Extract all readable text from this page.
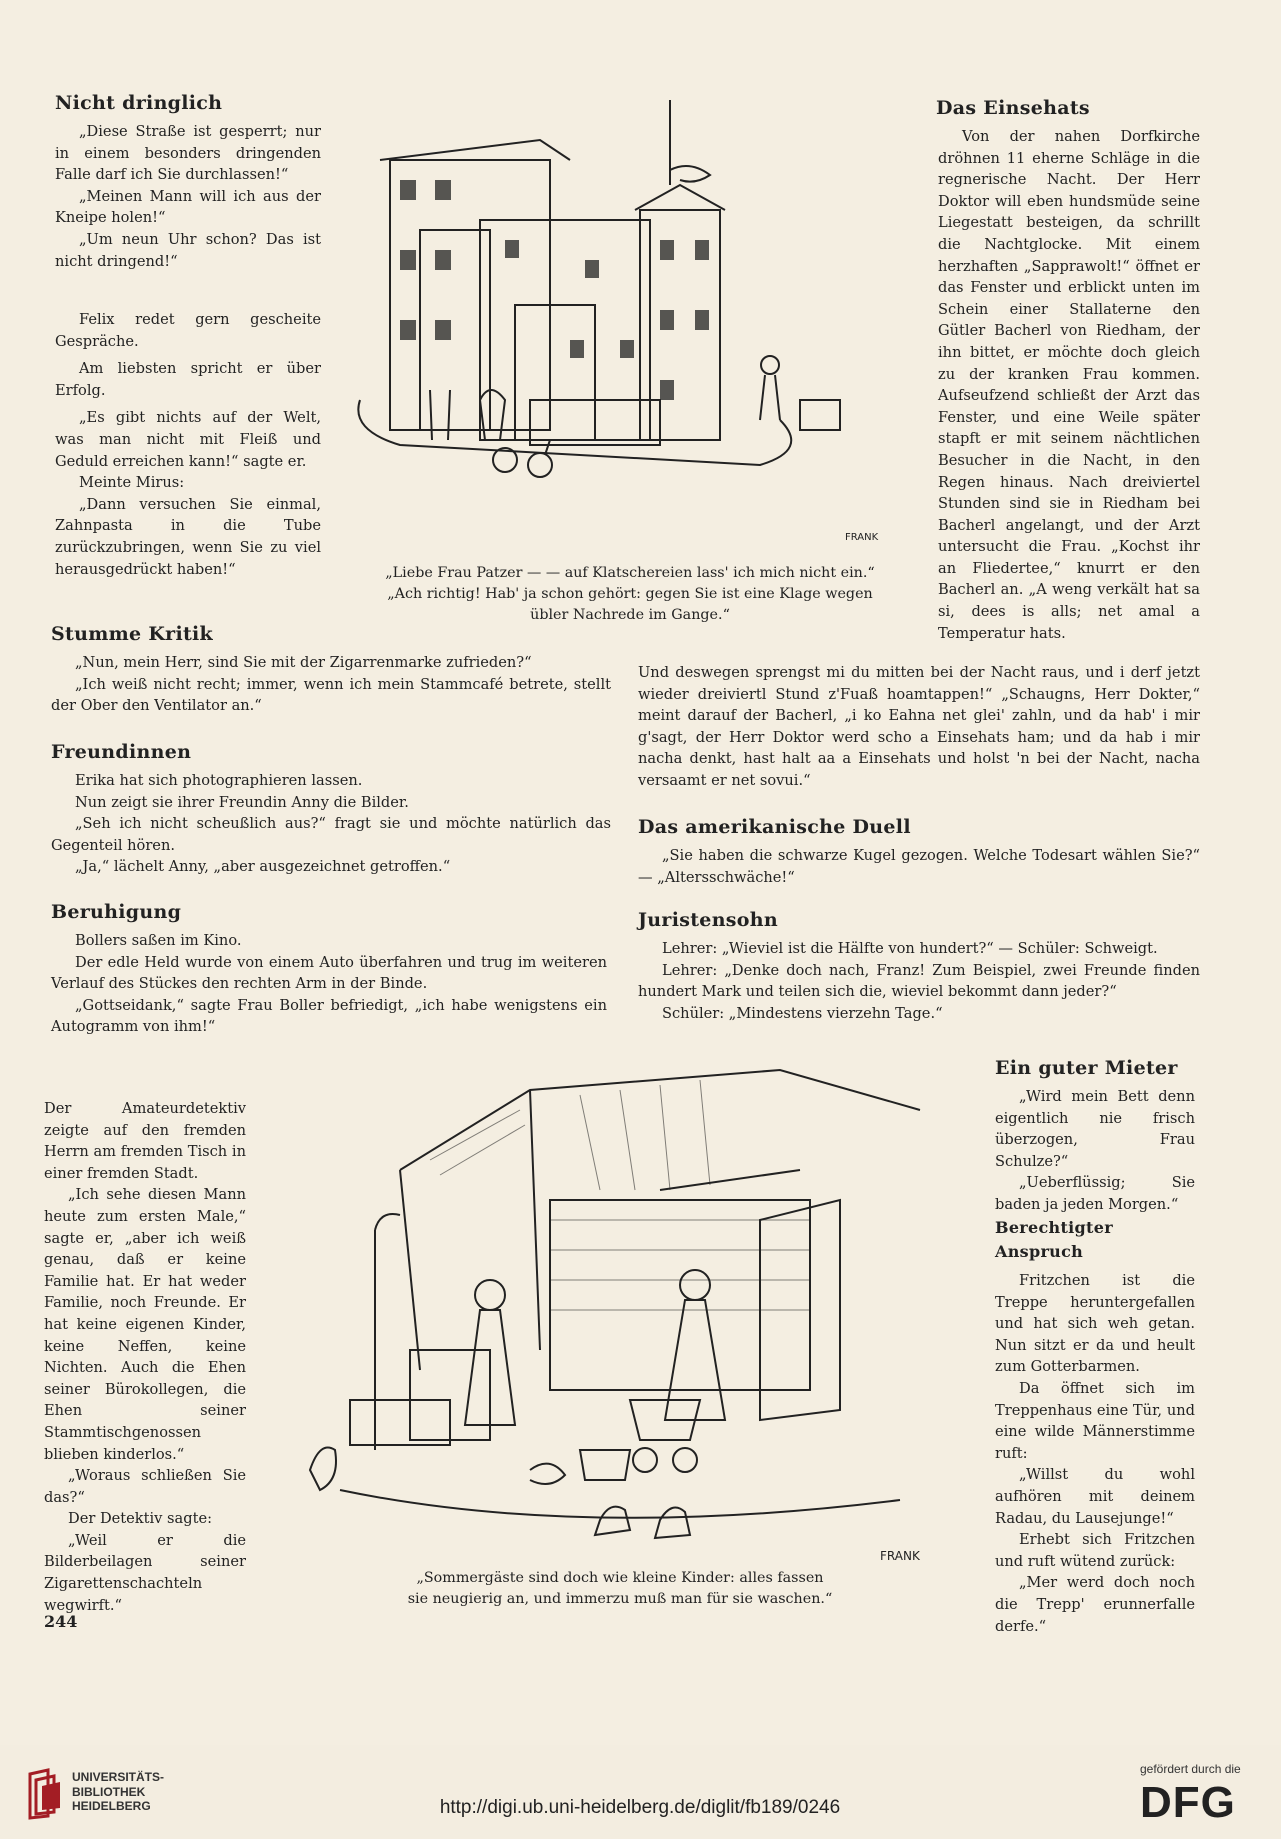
Nicht dringlich

„Diese Straße ist gesperrt; nur in einem besonders dringenden Falle darf ich Sie durchlassen!“

„Meinen Mann will ich aus der Kneipe holen!“

„Um neun Uhr schon? Das ist nicht dringend!“

Felix redet gern gescheite Gespräche.

Am liebsten spricht er über Erfolg.

„Es gibt nichts auf der Welt, was man nicht mit Fleiß und Geduld erreichen kann!“ sagte er.

Meinte Mirus:

„Dann versuchen Sie einmal, Zahnpasta in die Tube zurückzubringen, wenn Sie zu viel herausgedrückt haben!“

FRANK
„Liebe Frau Patzer — — auf Klatschereien lass' ich mich nicht ein.“
„Ach richtig! Hab' ja schon gehört: gegen Sie ist eine Klage wegen
übler Nachrede im Gange.“
Das Einsehats

Von der nahen Dorfkirche dröhnen 11 eherne Schläge in die regnerische Nacht. Der Herr Doktor will eben hundsmüde seine Liegestatt besteigen, da schrillt die Nachtglocke. Mit einem herzhaften „Sapprawolt!“ öffnet er das Fenster und erblickt unten im Schein einer Stallaterne den Gütler Bacherl von Riedham, der ihn bittet, er möchte doch gleich zu der kranken Frau kommen. Aufseufzend schließt der Arzt das Fenster, und eine Weile später stapft er mit seinem nächtlichen Besucher in die Nacht, in den Regen hinaus. Nach dreiviertel Stunden sind sie in Riedham bei Bacherl angelangt, und der Arzt untersucht die Frau. „Kochst ihr an Fliedertee,“ knurrt er den Bacherl an. „A weng verkält hat sa si, dees is alls; net amal a Temperatur hats.

Und deswegen sprengst mi du mitten bei der Nacht raus, und i derf jetzt wieder dreiviertl Stund z'Fuaß hoamtappen!“ „Schaugns, Herr Dokter,“ meint darauf der Bacherl, „i ko Eahna net glei' zahln, und da hab' i mir g'sagt, der Herr Doktor werd scho a Einsehats ham; und da hab i mir nacha denkt, hast halt aa a Einsehats und holst 'n bei der Nacht, nacha versaamt er net sovui.“

Stumme Kritik

„Nun, mein Herr, sind Sie mit der Zigarrenmarke zufrieden?“

„Ich weiß nicht recht; immer, wenn ich mein Stammcafé betrete, stellt der Ober den Ventilator an.“

Freundinnen

Erika hat sich photographieren lassen.

Nun zeigt sie ihrer Freundin Anny die Bilder.

„Seh ich nicht scheußlich aus?“ fragt sie und möchte natürlich das Gegenteil hören.

„Ja,“ lächelt Anny, „aber ausgezeichnet getroffen.“

Das amerikanische Duell

„Sie haben die schwarze Kugel gezogen. Welche Todesart wählen Sie?“ — „Altersschwäche!“

Beruhigung

Bollers saßen im Kino.

Der edle Held wurde von einem Auto überfahren und trug im weiteren Verlauf des Stückes den rechten Arm in der Binde.

„Gottseidank,“ sagte Frau Boller befriedigt, „ich habe wenigstens ein Autogramm von ihm!“

Juristensohn

Lehrer: „Wieviel ist die Hälfte von hundert?“ — Schüler: Schweigt.

Lehrer: „Denke doch nach, Franz! Zum Beispiel, zwei Freunde finden hundert Mark und teilen sich die, wieviel bekommt dann jeder?“

Schüler: „Mindestens vierzehn Tage.“

Der Amateurdetektiv zeigte auf den fremden Herrn am fremden Tisch in einer fremden Stadt.

„Ich sehe diesen Mann heute zum ersten Male,“ sagte er, „aber ich weiß genau, daß er keine Familie hat. Er hat weder Familie, noch Freunde. Er hat keine eigenen Kinder, keine Neffen, keine Nichten. Auch die Ehen seiner Bürokollegen, die Ehen seiner Stammtischgenossen blieben kinderlos.“

„Woraus schließen Sie das?“

Der Detektiv sagte:

„Weil er die Bilderbeilagen seiner Zigarettenschachteln wegwirft.“

FRANK
„Sommergäste sind doch wie kleine Kinder: alles fassen
sie neugierig an, und immerzu muß man für sie waschen.“
Ein guter Mieter

„Wird mein Bett denn eigentlich nie frisch überzogen, Frau Schulze?“

„Ueberflüssig; Sie baden ja jeden Morgen.“

Berechtigter Anspruch

Fritzchen ist die Treppe heruntergefallen und hat sich weh getan. Nun sitzt er da und heult zum Gotterbarmen.

Da öffnet sich im Treppenhaus eine Tür, und eine wilde Männerstimme ruft:

„Willst du wohl aufhören mit deinem Radau, du Lausejunge!“

Erhebt sich Fritzchen und ruft wütend zurück:

„Mer werd doch noch die Trepp' erunnerfalle derfe.“

244
UNIVERSITÄTS-
BIBLIOTHEK
HEIDELBERG	http://digi.ub.uni-heidelberg.de/diglit/fb189/0246
gefördert durch die
DFG
